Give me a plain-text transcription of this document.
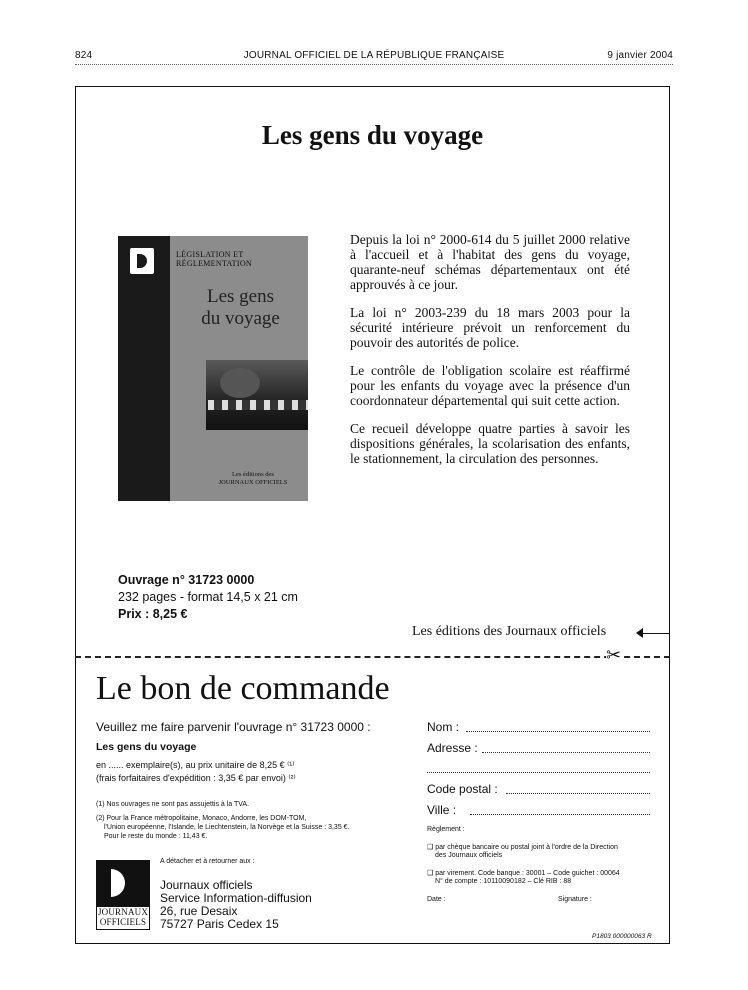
824	JOURNAL OFFICIEL DE LA RÉPUBLIQUE FRANÇAISE	9 janvier 2004
Les gens du voyage
LÉGISLATION ET RÉGLEMENTATION
Les gens
du voyage
Les éditions des
JOURNAUX OFFICIELS

Depuis la loi n° 2000-614 du 5 juillet 2000 relative à l'accueil et à l'habitat des gens du voyage, quarante-neuf schémas départementaux ont été approuvés à ce jour.

La loi n° 2003-239 du 18 mars 2003 pour la sécurité intérieure prévoit un renforcement du pouvoir des autorités de police.

Le contrôle de l'obligation scolaire est réaffirmé pour les enfants du voyage avec la présence d'un coordonnateur départemental qui suit cette action.

Ce recueil développe quatre parties à savoir les dispositions générales, la scolarisation des enfants, le stationnement, la circulation des personnes.

Ouvrage n° 31723 0000
232 pages - format 14,5 x 21 cm
Prix : 8,25 €
Les éditions des Journaux officiels
✂
Le bon de commande
Veuillez me faire parvenir l'ouvrage n° 31723 0000 :
Les gens du voyage
en ...... exemplaire(s), au prix unitaire de 8,25 € ⁽¹⁾
(frais forfaitaires d'expédition : 3,35 € par envoi) ⁽²⁾
(1) Nos ouvrages ne sont pas assujettis à la TVA.
(2) Pour la France métropolitaine, Monaco, Andorre, les DOM-TOM,
l'Union européenne, l'Islande, le Liechtenstein, la Norvège et la Suisse : 3,35 €.
Pour le reste du monde : 11,43 €.
A détacher et à retourner aux :
JOURNAUX
OFFICIELS
Journaux officiels
Service Information-diffusion
26, rue Desaix
75727 Paris Cedex 15
Nom :
Adresse :
Code postal :
Ville :
Règlement :
❑ par chèque bancaire ou postal joint à l'ordre de la Direction
des Journaux officiels
❑ par virement. Code banque : 30001 – Code guichet : 00064
N° de compte : 10110090182 – Clé RIB : 88
Date :	Signature :
P1803 000000063 R
